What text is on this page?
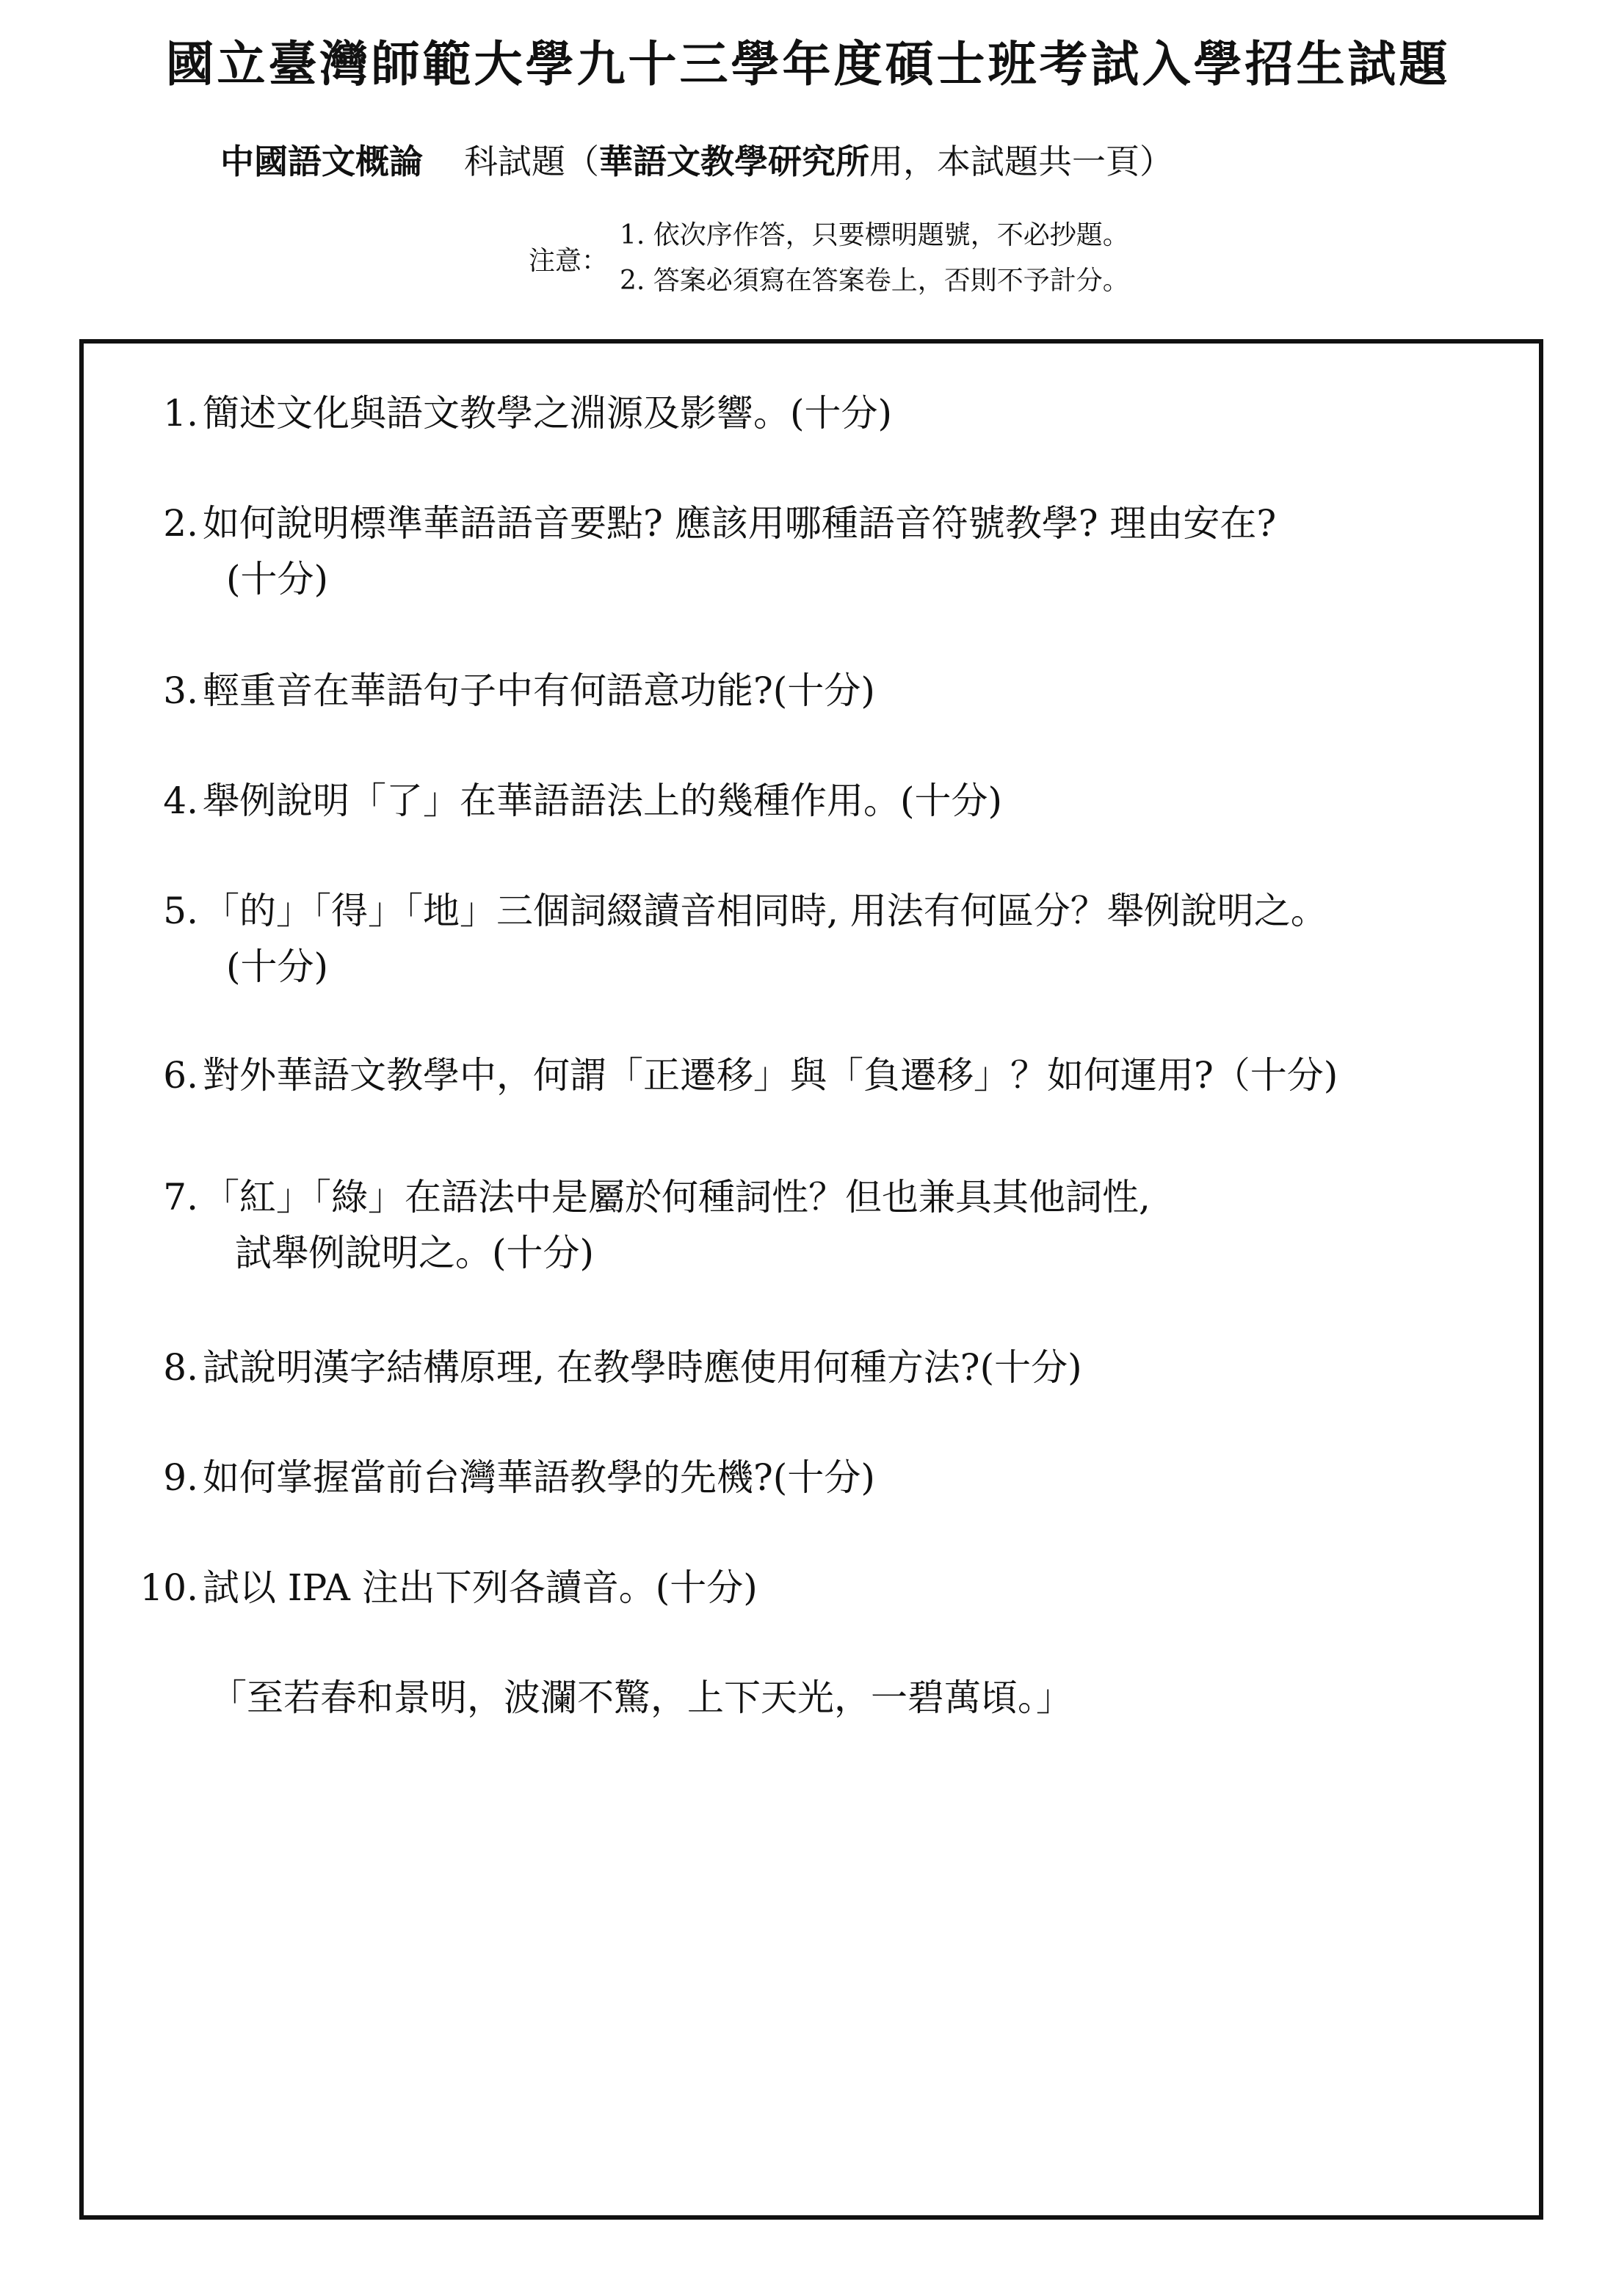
國立臺灣師範大學九十三學年度碩士班考試入學招生試題
中國語文概論 科試題（華語文教學研究所用，本試題共一頁）
注意：
1. 依次序作答，只要標明題號，不必抄題。
2. 答案必須寫在答案卷上，否則不予計分。
1. 簡述文化與語文教學之淵源及影響。(十分)
2. 如何說明標準華語語音要點? 應該用哪種語音符號教學? 理由安在?
(十分)
3. 輕重音在華語句子中有何語意功能?(十分)
4. 舉例說明「了」在華語語法上的幾種作用。(十分)
5. 「的」「得」「地」三個詞綴讀音相同時, 用法有何區分？舉例說明之。
(十分)
6. 對外華語文教學中，何謂「正遷移」與「負遷移」？如何運用?（十分)
7. 「紅」「綠」在語法中是屬於何種詞性？但也兼具其他詞性,
試舉例說明之。(十分)
8. 試說明漢字結構原理, 在教學時應使用何種方法?(十分)
9. 如何掌握當前台灣華語教學的先機?(十分)
10. 試以 IPA 注出下列各讀音。(十分)
「至若春和景明，波瀾不驚，上下天光，一碧萬頃。」
